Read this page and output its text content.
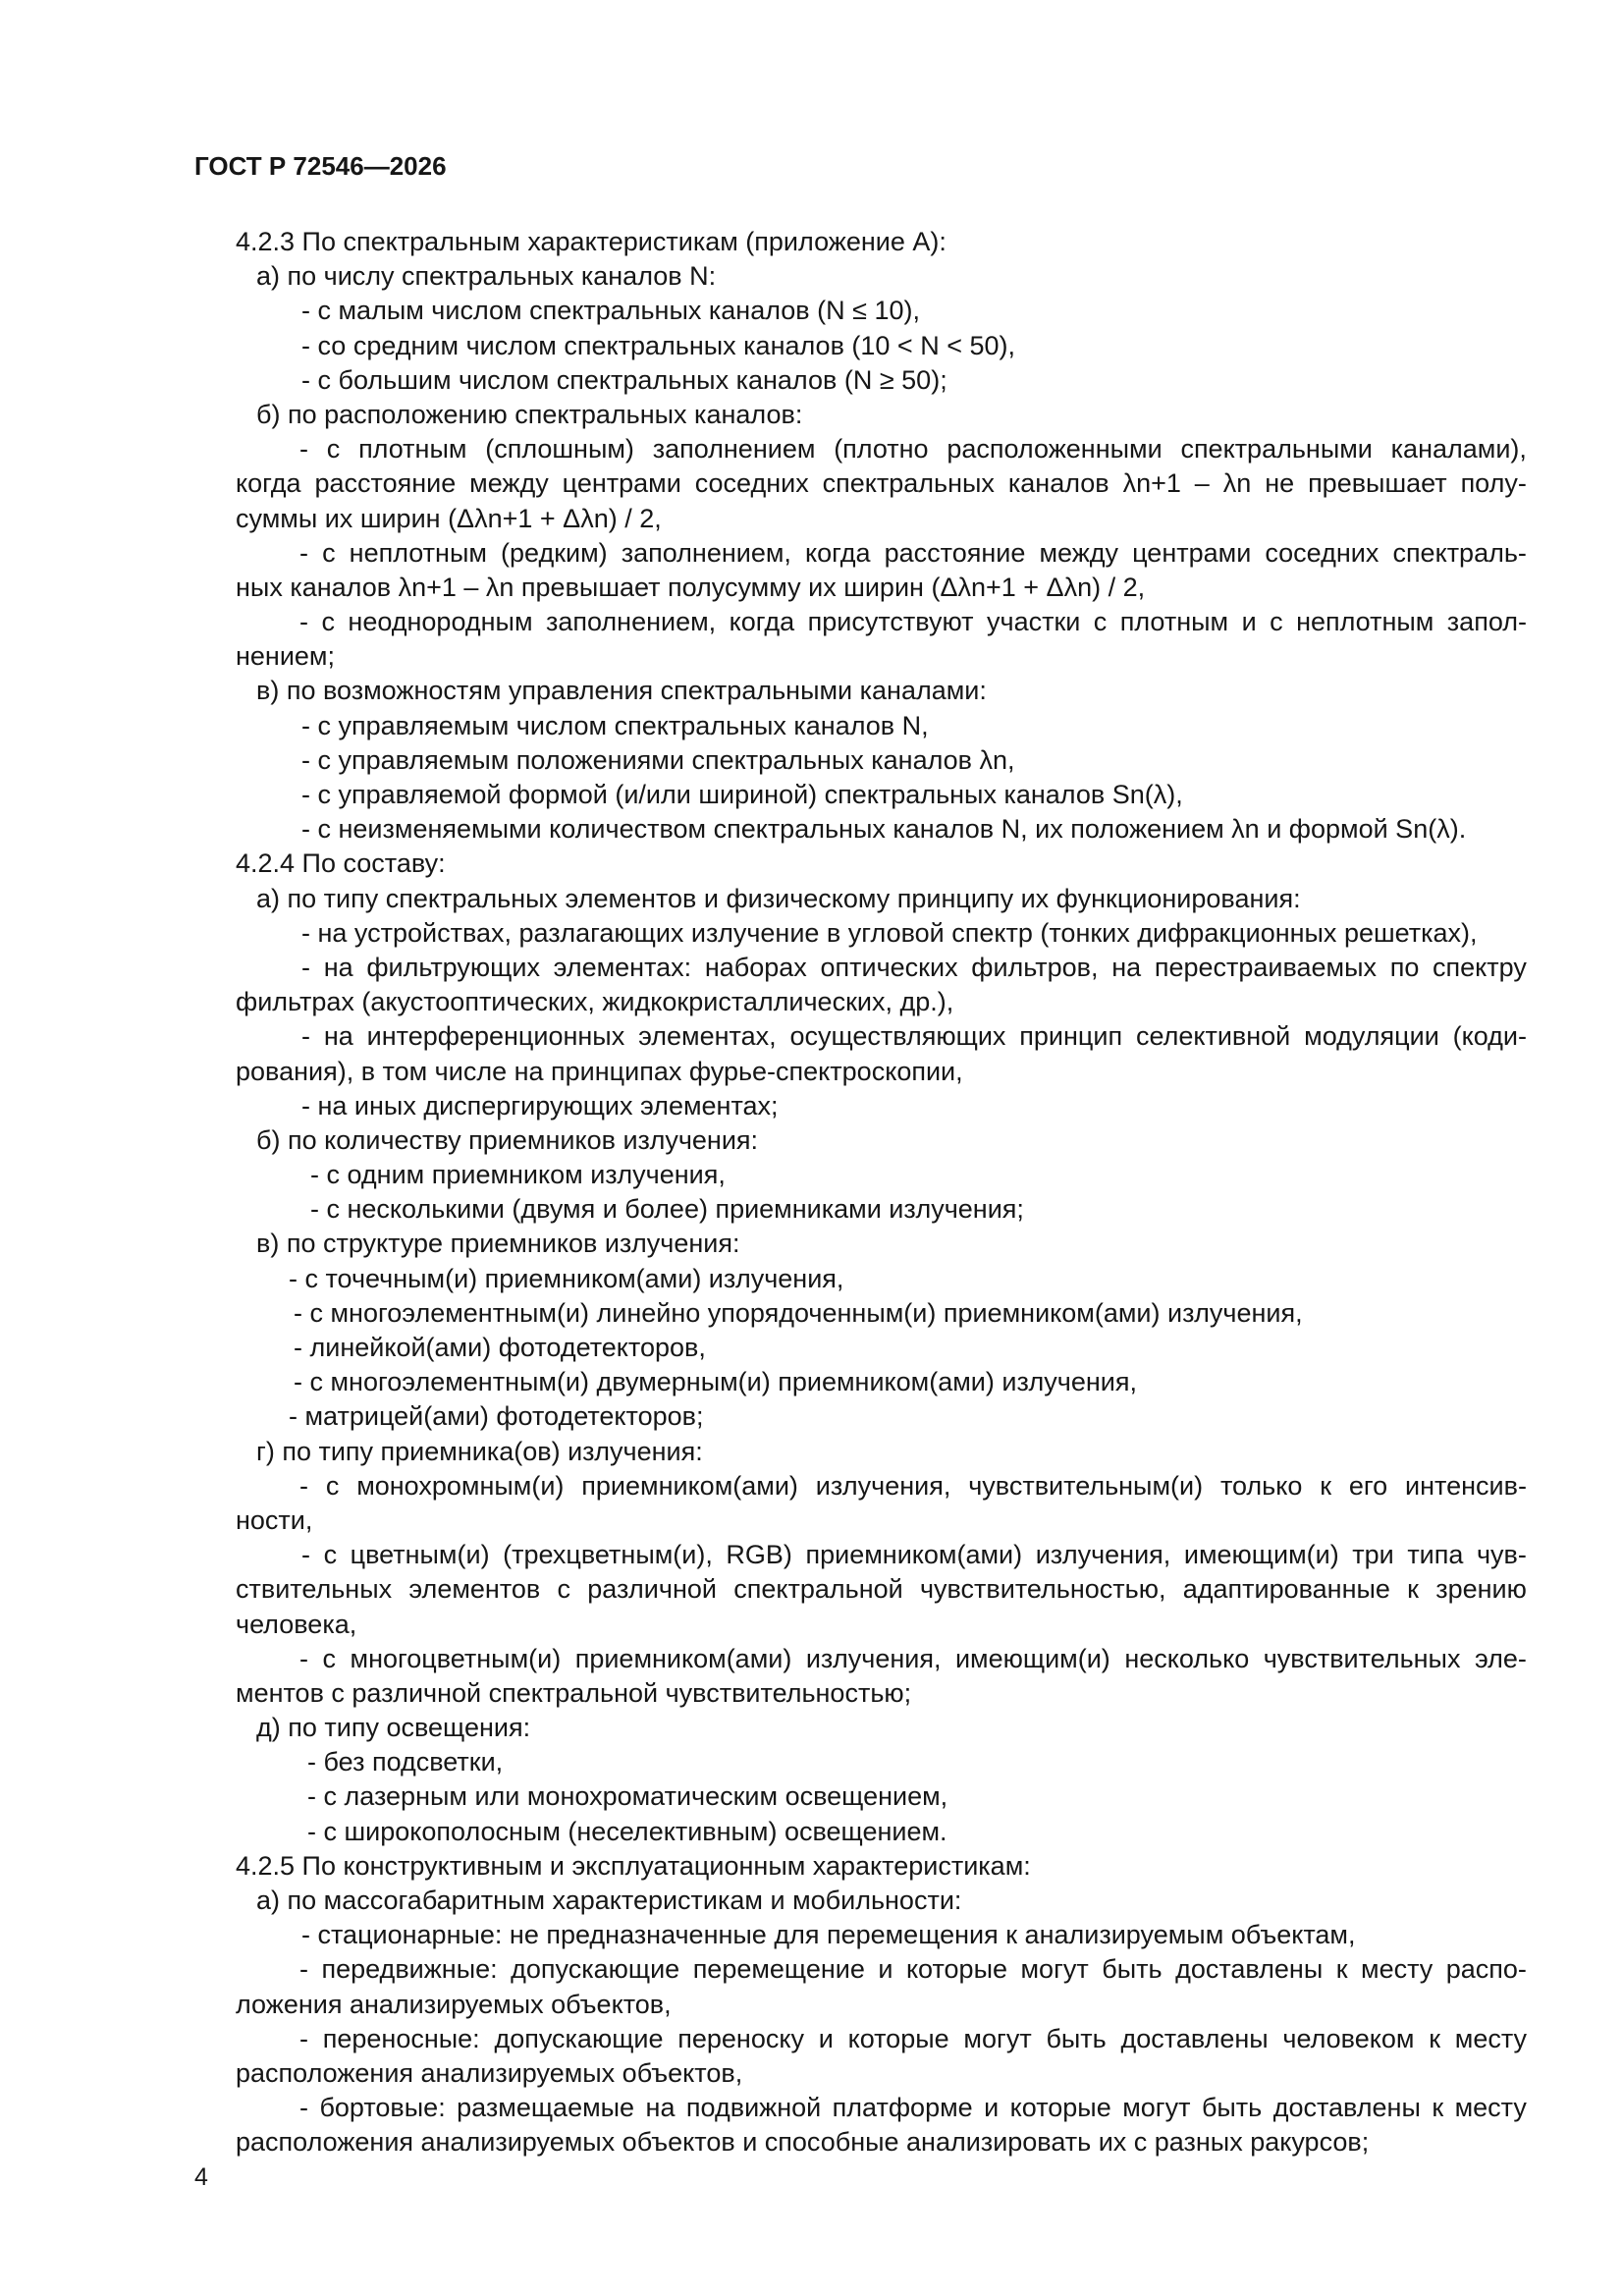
ГОСТ Р 72546—2026
4.2.3 По спектральным характеристикам (приложение А):
а) по числу спектральных каналов N:
- с малым числом спектральных каналов (N ≤ 10),
- со средним числом спектральных каналов (10 < N < 50),
- с большим числом спектральных каналов (N ≥ 50);
б) по расположению спектральных каналов:
- с плотным (сплошным) заполнением (плотно расположенными спектральными каналами),
когда расстояние между центрами соседних спектральных каналов λn+1 – λn не превышает полу-
суммы их ширин (Δλn+1 + Δλn) / 2,
- с неплотным (редким) заполнением, когда расстояние между центрами соседних спектраль-
ных каналов λn+1 – λn превышает полусумму их ширин (Δλn+1 + Δλn) / 2,
- с неоднородным заполнением, когда присутствуют участки с плотным и с неплотным запол-
нением;
в) по возможностям управления спектральными каналами:
- с управляемым числом спектральных каналов N,
- с управляемым положениями спектральных каналов λn,
- с управляемой формой (и/или шириной) спектральных каналов Sn(λ),
- с неизменяемыми количеством спектральных каналов N, их положением λn и формой Sn(λ).
4.2.4 По составу:
а) по типу спектральных элементов и физическому принципу их функционирования:
- на устройствах, разлагающих излучение в угловой спектр (тонких дифракционных решетках),
- на фильтрующих элементах: наборах оптических фильтров, на перестраиваемых по спектру
фильтрах (акустооптических, жидкокристаллических, др.),
- на интерференционных элементах, осуществляющих принцип селективной модуляции (коди-
рования), в том числе на принципах фурье-спектроскопии,
- на иных диспергирующих элементах;
б) по количеству приемников излучения:
- с одним приемником излучения,
- с несколькими (двумя и более) приемниками излучения;
в) по структуре приемников излучения:
- с точечным(и) приемником(ами) излучения,
- с многоэлементным(и) линейно упорядоченным(и) приемником(ами) излучения,
- линейкой(ами) фотодетекторов,
- с многоэлементным(и) двумерным(и) приемником(ами) излучения,
- матрицей(ами) фотодетекторов;
г) по типу приемника(ов) излучения:
- с монохромным(и) приемником(ами) излучения, чувствительным(и) только к его интенсив-
ности,
- с цветным(и) (трехцветным(и), RGB) приемником(ами) излучения, имеющим(и) три типа чув-
ствительных элементов с различной спектральной чувствительностью, адаптированные к зрению
человека,
- с многоцветным(и) приемником(ами) излучения, имеющим(и) несколько чувствительных эле-
ментов с различной спектральной чувствительностью;
д) по типу освещения:
- без подсветки,
- с лазерным или монохроматическим освещением,
- с широкополосным (неселективным) освещением.
4.2.5 По конструктивным и эксплуатационным характеристикам:
а) по массогабаритным характеристикам и мобильности:
- стационарные: не предназначенные для перемещения к анализируемым объектам,
- передвижные: допускающие перемещение и которые могут быть доставлены к месту распо-
ложения анализируемых объектов,
- переносные: допускающие переноску и которые могут быть доставлены человеком к месту
расположения анализируемых объектов,
- бортовые: размещаемые на подвижной платформе и которые могут быть доставлены к месту
расположения анализируемых объектов и способные анализировать их с разных ракурсов;
4
